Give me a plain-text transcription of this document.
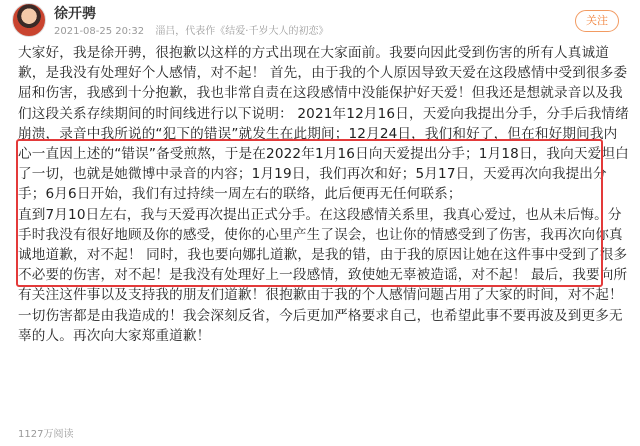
徐开骋
2021-08-25 20:32 淄吕，代表作《结爱·千岁大人的初恋》
关注

大家好，我是徐开骋，很抱歉以这样的方式出现在大家面前。我要向因此受到伤害的所有人真诚道歉，是我没有处理好个人感情，对不起！ 首先，由于我的个人原因导致天爱在这段感情中受到很多委屈和伤害，我感到十分抱歉，我也非常自责在这段感情中没能保护好天爱！但我还是想就录音以及我们这段关系存续期间的时间线进行以下说明： 2021年12月16日，天爱向我提出分手，分手后我情绪崩溃，录音中我所说的“犯下的错误”就发生在此期间；12月24日，我们和好了，但在和好期间我内心一直因上述的“错误”备受煎熬，于是在2022年1月16日向天爱提出分手；1月18日，我向天爱坦白了一切，也就是她微博中录音的内容；1月19日，我们再次和好；5月17日，天爱再次向我提出分手；6月6日开始，我们有过持续一周左右的联络，此后便再无任何联系；
直到7月10日左右，我与天爱再次提出正式分手。在这段感情关系里，我真心爱过，也从未后悔。分手时我没有很好地顾及你的感受，使你的心里产生了误会，也让你的情感受到了伤害，我再次向你真诚地道歉，对不起！ 同时，我也要向娜扎道歉，是我的错，由于我的原因让她在这件事中受到了很多不必要的伤害，对不起！是我没有处理好上一段感情，致使她无辜被造谣，对不起！ 最后，我要向所有关注这件事以及支持我的朋友们道歉！很抱歉由于我的个人感情问题占用了大家的时间，对不起！一切伤害都是由我造成的！我会深刻反省，今后更加严格要求自己，也希望此事不要再波及到更多无辜的人。再次向大家郑重道歉！

1127万阅读
